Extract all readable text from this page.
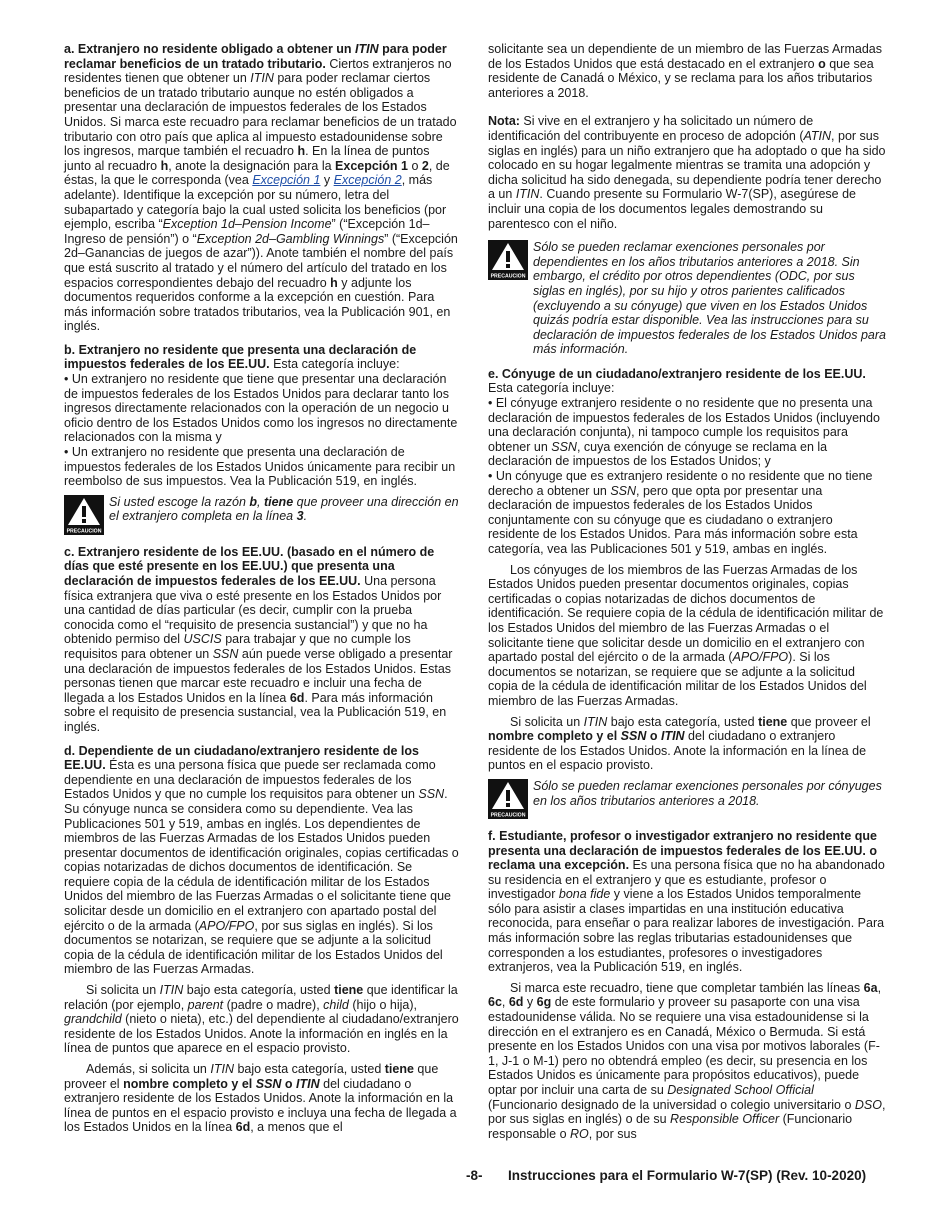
a. Extranjero no residente obligado a obtener un ITIN para poder reclamar beneficios de un tratado tributario. Ciertos extranjeros no residentes tienen que obtener un ITIN para poder reclamar ciertos beneficios de un tratado tributario aunque no estén obligados a presentar una declaración de impuestos federales de los Estados Unidos. Si marca este recuadro para reclamar beneficios de un tratado tributario con otro país que aplica al impuesto estadounidense sobre los ingresos, marque también el recuadro h. En la línea de puntos junto al recuadro h, anote la designación para la Excepción 1 o 2, de éstas, la que le corresponda (vea Excepción 1 y Excepción 2, más adelante). Identifique la excepción por su número, letra del subapartado y categoría bajo la cual usted solicita los beneficios (por ejemplo, escriba “Exception 1d–Pension Income” (“Excepción 1d–Ingreso de pensión”) o “Exception 2d–Gambling Winnings” (“Excepción 2d–Ganancias de juegos de azar”)). Anote también el nombre del país que está suscrito al tratado y el número del artículo del tratado en los espacios correspondientes debajo del recuadro h y adjunte los documentos requeridos conforme a la excepción en cuestión. Para más información sobre tratados tributarios, vea la Publicación 901, en inglés.

b. Extranjero no residente que presenta una declaración de impuestos federales de los EE.UU. Esta categoría incluye:

• Un extranjero no residente que tiene que presentar una declaración de impuestos federales de los Estados Unidos para declarar tanto los ingresos directamente relacionados con la operación de un negocio u oficio dentro de los Estados Unidos como los ingresos no directamente relacionados con la misma y
• Un extranjero no residente que presenta una declaración de impuestos federales de los Estados Unidos únicamente para recibir un reembolso de sus impuestos. Vea la Publicación 519, en inglés.

PRECAUCION
Si usted escoge la razón b, tiene que proveer una dirección en el extranjero completa en la línea 3.

c. Extranjero residente de los EE.UU. (basado en el número de días que esté presente en los EE.UU.) que presenta una declaración de impuestos federales de los EE.UU. Una persona física extranjera que viva o esté presente en los Estados Unidos por una cantidad de días particular (es decir, cumplir con la prueba conocida como el “requisito de presencia sustancial”) y que no ha obtenido permiso del USCIS para trabajar y que no cumple los requisitos para obtener un SSN aún puede verse obligado a presentar una declaración de impuestos federales de los Estados Unidos. Estas personas tienen que marcar este recuadro e incluir una fecha de llegada a los Estados Unidos en la línea 6d. Para más información sobre el requisito de presencia sustancial, vea la Publicación 519, en inglés.

d. Dependiente de un ciudadano/extranjero residente de los EE.UU. Ésta es una persona física que puede ser reclamada como dependiente en una declaración de impuestos federales de los Estados Unidos y que no cumple los requisitos para obtener un SSN. Su cónyuge nunca se considera como su dependiente. Vea las Publicaciones 501 y 519, ambas en inglés. Los dependientes de miembros de las Fuerzas Armadas de los Estados Unidos pueden presentar documentos de identificación originales, copias certificadas o copias notarizadas de dichos documentos de identificación. Se requiere copia de la cédula de identificación militar de los Estados Unidos del miembro de las Fuerzas Armadas o el solicitante tiene que solicitar desde un domicilio en el extranjero con apartado postal del ejército o de la armada (APO/FPO, por sus siglas en inglés). Si los documentos se notarizan, se requiere que se adjunte a la solicitud copia de la cédula de identificación militar de los Estados Unidos del miembro de las Fuerzas Armadas.

Si solicita un ITIN bajo esta categoría, usted tiene que identificar la relación (por ejemplo, parent (padre o madre), child (hijo o hija), grandchild (nieto o nieta), etc.) del dependiente al ciudadano/extranjero residente de los Estados Unidos. Anote la información en inglés en la línea de puntos que aparece en el espacio provisto.

Además, si solicita un ITIN bajo esta categoría, usted tiene que proveer el nombre completo y el SSN o ITIN del ciudadano o extranjero residente de los Estados Unidos. Anote la información en la línea de puntos en el espacio provisto e incluya una fecha de llegada a los Estados Unidos en la línea 6d, a menos que el

solicitante sea un dependiente de un miembro de las Fuerzas Armadas de los Estados Unidos que está destacado en el extranjero o que sea residente de Canadá o México, y se reclama para los años tributarios anteriores a 2018.

Nota: Si vive en el extranjero y ha solicitado un número de identificación del contribuyente en proceso de adopción (ATIN, por sus siglas en inglés) para un niño extranjero que ha adoptado o que ha sido colocado en su hogar legalmente mientras se tramita una adopción y dicha solicitud ha sido denegada, su dependiente podría tener derecho a un ITIN. Cuando presente su Formulario W-7(SP), asegúrese de incluir una copia de los documentos legales demostrando su parentesco con el niño.

PRECAUCION
Sólo se pueden reclamar exenciones personales por dependientes en los años tributarios anteriores a 2018. Sin embargo, el crédito por otros dependientes (ODC, por sus siglas en inglés), por su hijo y otros parientes calificados (excluyendo a su cónyuge) que viven en los Estados Unidos quizás podría estar disponible. Vea las instrucciones para su declaración de impuestos federales de los Estados Unidos para más información.

e. Cónyuge de un ciudadano/extranjero residente de los EE.UU. Esta categoría incluye:

• El cónyuge extranjero residente o no residente que no presenta una declaración de impuestos federales de los Estados Unidos (incluyendo una declaración conjunta), ni tampoco cumple los requisitos para obtener un SSN, cuya exención de cónyuge se reclama en la declaración de impuestos de los Estados Unidos; y
• Un cónyuge que es extranjero residente o no residente que no tiene derecho a obtener un SSN, pero que opta por presentar una declaración de impuestos federales de los Estados Unidos conjuntamente con su cónyuge que es ciudadano o extranjero residente de los Estados Unidos. Para más información sobre esta categoría, vea las Publicaciones 501 y 519, ambas en inglés.

Los cónyuges de los miembros de las Fuerzas Armadas de los Estados Unidos pueden presentar documentos originales, copias certificadas o copias notarizadas de dichos documentos de identificación. Se requiere copia de la cédula de identificación militar de los Estados Unidos del miembro de las Fuerzas Armadas o el solicitante tiene que solicitar desde un domicilio en el extranjero con apartado postal del ejército o de la armada (APO/FPO). Si los documentos se notarizan, se requiere que se adjunte a la solicitud copia de la cédula de identificación militar de los Estados Unidos del miembro de las Fuerzas Armadas.

Si solicita un ITIN bajo esta categoría, usted tiene que proveer el nombre completo y el SSN o ITIN del ciudadano o extranjero residente de los Estados Unidos. Anote la información en la línea de puntos en el espacio provisto.

PRECAUCION
Sólo se pueden reclamar exenciones personales por cónyuges en los años tributarios anteriores a 2018.

f. Estudiante, profesor o investigador extranjero no residente que presenta una declaración de impuestos federales de los EE.UU. o reclama una excepción. Es una persona física que no ha abandonado su residencia en el extranjero y que es estudiante, profesor o investigador bona fide y viene a los Estados Unidos temporalmente sólo para asistir a clases impartidas en una institución educativa reconocida, para enseñar o para realizar labores de investigación. Para más información sobre las reglas tributarias estadounidenses que corresponden a los estudiantes, profesores o investigadores extranjeros, vea la Publicación 519, en inglés.

Si marca este recuadro, tiene que completar también las líneas 6a, 6c, 6d y 6g de este formulario y proveer su pasaporte con una visa estadounidense válida. No se requiere una visa estadounidense si la dirección en el extranjero es en Canadá, México o Bermuda. Si está presente en los Estados Unidos con una visa por motivos laborales (F-1, J-1 o M-1) pero no obtendrá empleo (es decir, su presencia en los Estados Unidos es únicamente para propósitos educativos), puede optar por incluir una carta de su Designated School Official (Funcionario designado de la universidad o colegio universitario o DSO, por sus siglas en inglés) o de su Responsible Officer (Funcionario responsable o RO, por sus

-8- Instrucciones para el Formulario W-7(SP) (Rev. 10-2020)
